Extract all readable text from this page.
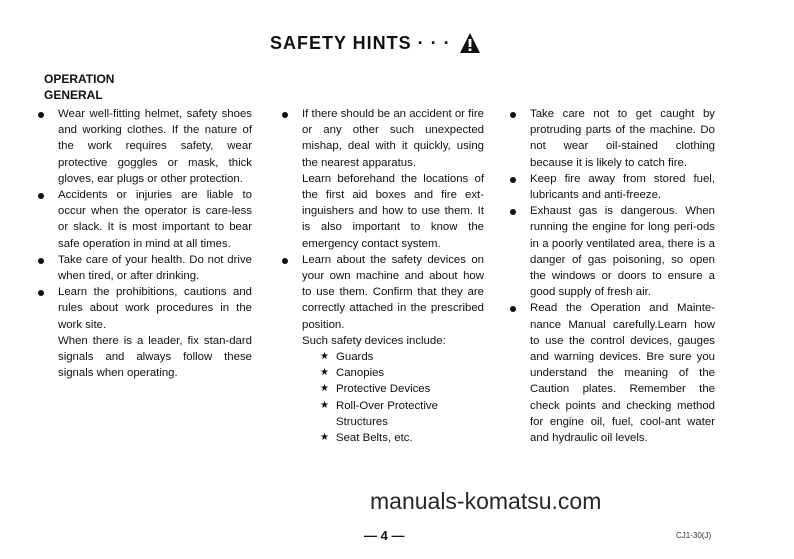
SAFETY HINTS · · ·
OPERATION
GENERAL

Wear well-fitting helmet, safety shoes and working clothes. If the nature of the work requires safety, wear protective goggles or mask, thick gloves, ear plugs or other protection.

Accidents or injuries are liable to occur when the operator is care-less or slack. It is most important to bear safe operation in mind at all times.

Take care of your health. Do not drive when tired, or after drinking.

Learn the prohibitions, cautions and rules about work procedures in the work site.

When there is a leader, fix stan-dard signals and always follow these signals when operating.

If there should be an accident or fire or any other such unexpected mishap, deal with it quickly, using the nearest apparatus.

Learn beforehand the locations of the first aid boxes and fire ext-inguishers and how to use them. It is also important to know the emergency contact system.

Learn about the safety devices on your own machine and about how to use them. Confirm that they are correctly attached in the prescribed position.

Such safety devices include:

★ Guards
★ Canopies
★ Protective Devices
★ Roll-Over Protective Structures
★ Seat Belts, etc.

Take care not to get caught by protruding parts of the machine. Do not wear oil-stained clothing because it is likely to catch fire.

Keep fire away from stored fuel, lubricants and anti-freeze.

Exhaust gas is dangerous. When running the engine for long peri-ods in a poorly ventilated area, there is a danger of gas poisoning, so open the windows or doors to ensure a good supply of fresh air.

Read the Operation and Mainte-nance Manual carefully.Learn how to use the control devices, gauges and warning devices. Bre sure you understand the meaning of the Caution plates. Remember the check points and checking method for engine oil, fuel, cool-ant water and hydraulic oil levels.

manuals-komatsu.com
— 4 —	CJ1-30(J)
